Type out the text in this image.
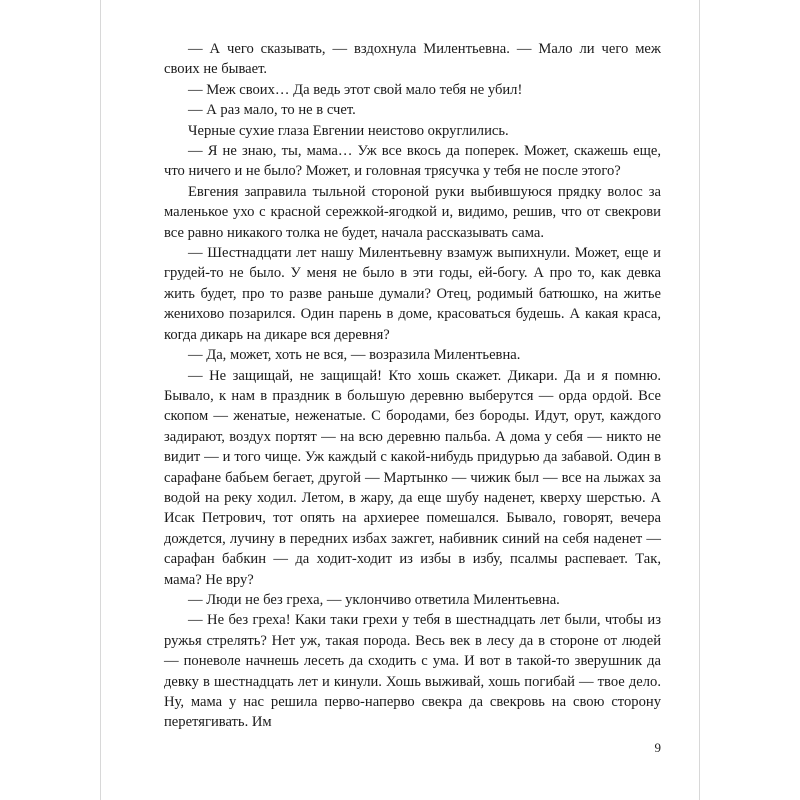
— А чего сказывать, — вздохнула Милентьевна. — Мало ли чего меж своих не бывает.

— Меж своих… Да ведь этот свой мало тебя не убил!

— А раз мало, то не в счет.

Черные сухие глаза Евгении неистово округлились.

— Я не знаю, ты, мама… Уж все вкось да поперек. Может, скажешь еще, что ничего и не было? Может, и головная трясучка у тебя не после этого?

Евгения заправила тыльной стороной руки выбившуюся прядку волос за маленькое ухо с красной сережкой-ягодкой и, видимо, решив, что от свекрови все равно никакого толка не будет, начала рассказывать сама.

— Шестнадцати лет нашу Милентьевну взамуж выпихнули. Может, еще и грудей-то не было. У меня не было в эти годы, ей-богу. А про то, как девка жить будет, про то разве раньше думали? Отец, родимый батюшко, на житье женихово позарился. Один парень в доме, красоваться будешь. А какая краса, когда дикарь на дикаре вся деревня?

— Да, может, хоть не вся, — возразила Милентьевна.

— Не защищай, не защищай! Кто хошь скажет. Дикари. Да и я помню. Бывало, к нам в праздник в большую деревню выберутся — орда ордой. Все скопом — женатые, неженатые. С бородами, без бороды. Идут, орут, каждого задирают, воздух портят — на всю деревню пальба. А дома у себя — никто не видит — и того чище. Уж каждый с какой-нибудь придурью да забавой. Один в сарафане бабьем бегает, другой — Мартынко — чижик был — все на лыжах за водой на реку ходил. Летом, в жару, да еще шубу наденет, кверху шерстью. А Исак Петрович, тот опять на архиерее помешался. Бывало, говорят, вечера дождется, лучину в передних избах зажгет, набивник синий на себя наденет — сарафан бабкин — да ходит-ходит из избы в избу, псалмы распевает. Так, мама? Не вру?

— Люди не без греха, — уклончиво ответила Милентьевна.

— Не без греха! Каки таки грехи у тебя в шестнадцать лет были, чтобы из ружья стрелять? Нет уж, такая порода. Весь век в лесу да в стороне от людей — поневоле начнешь лесеть да сходить с ума. И вот в такой-то зверушник да девку в шестнадцать лет и кинули. Хошь выживай, хошь погибай — твое дело. Ну, мама у нас решила перво-наперво свекра да свекровь на свою сторону перетягивать. Им

9
